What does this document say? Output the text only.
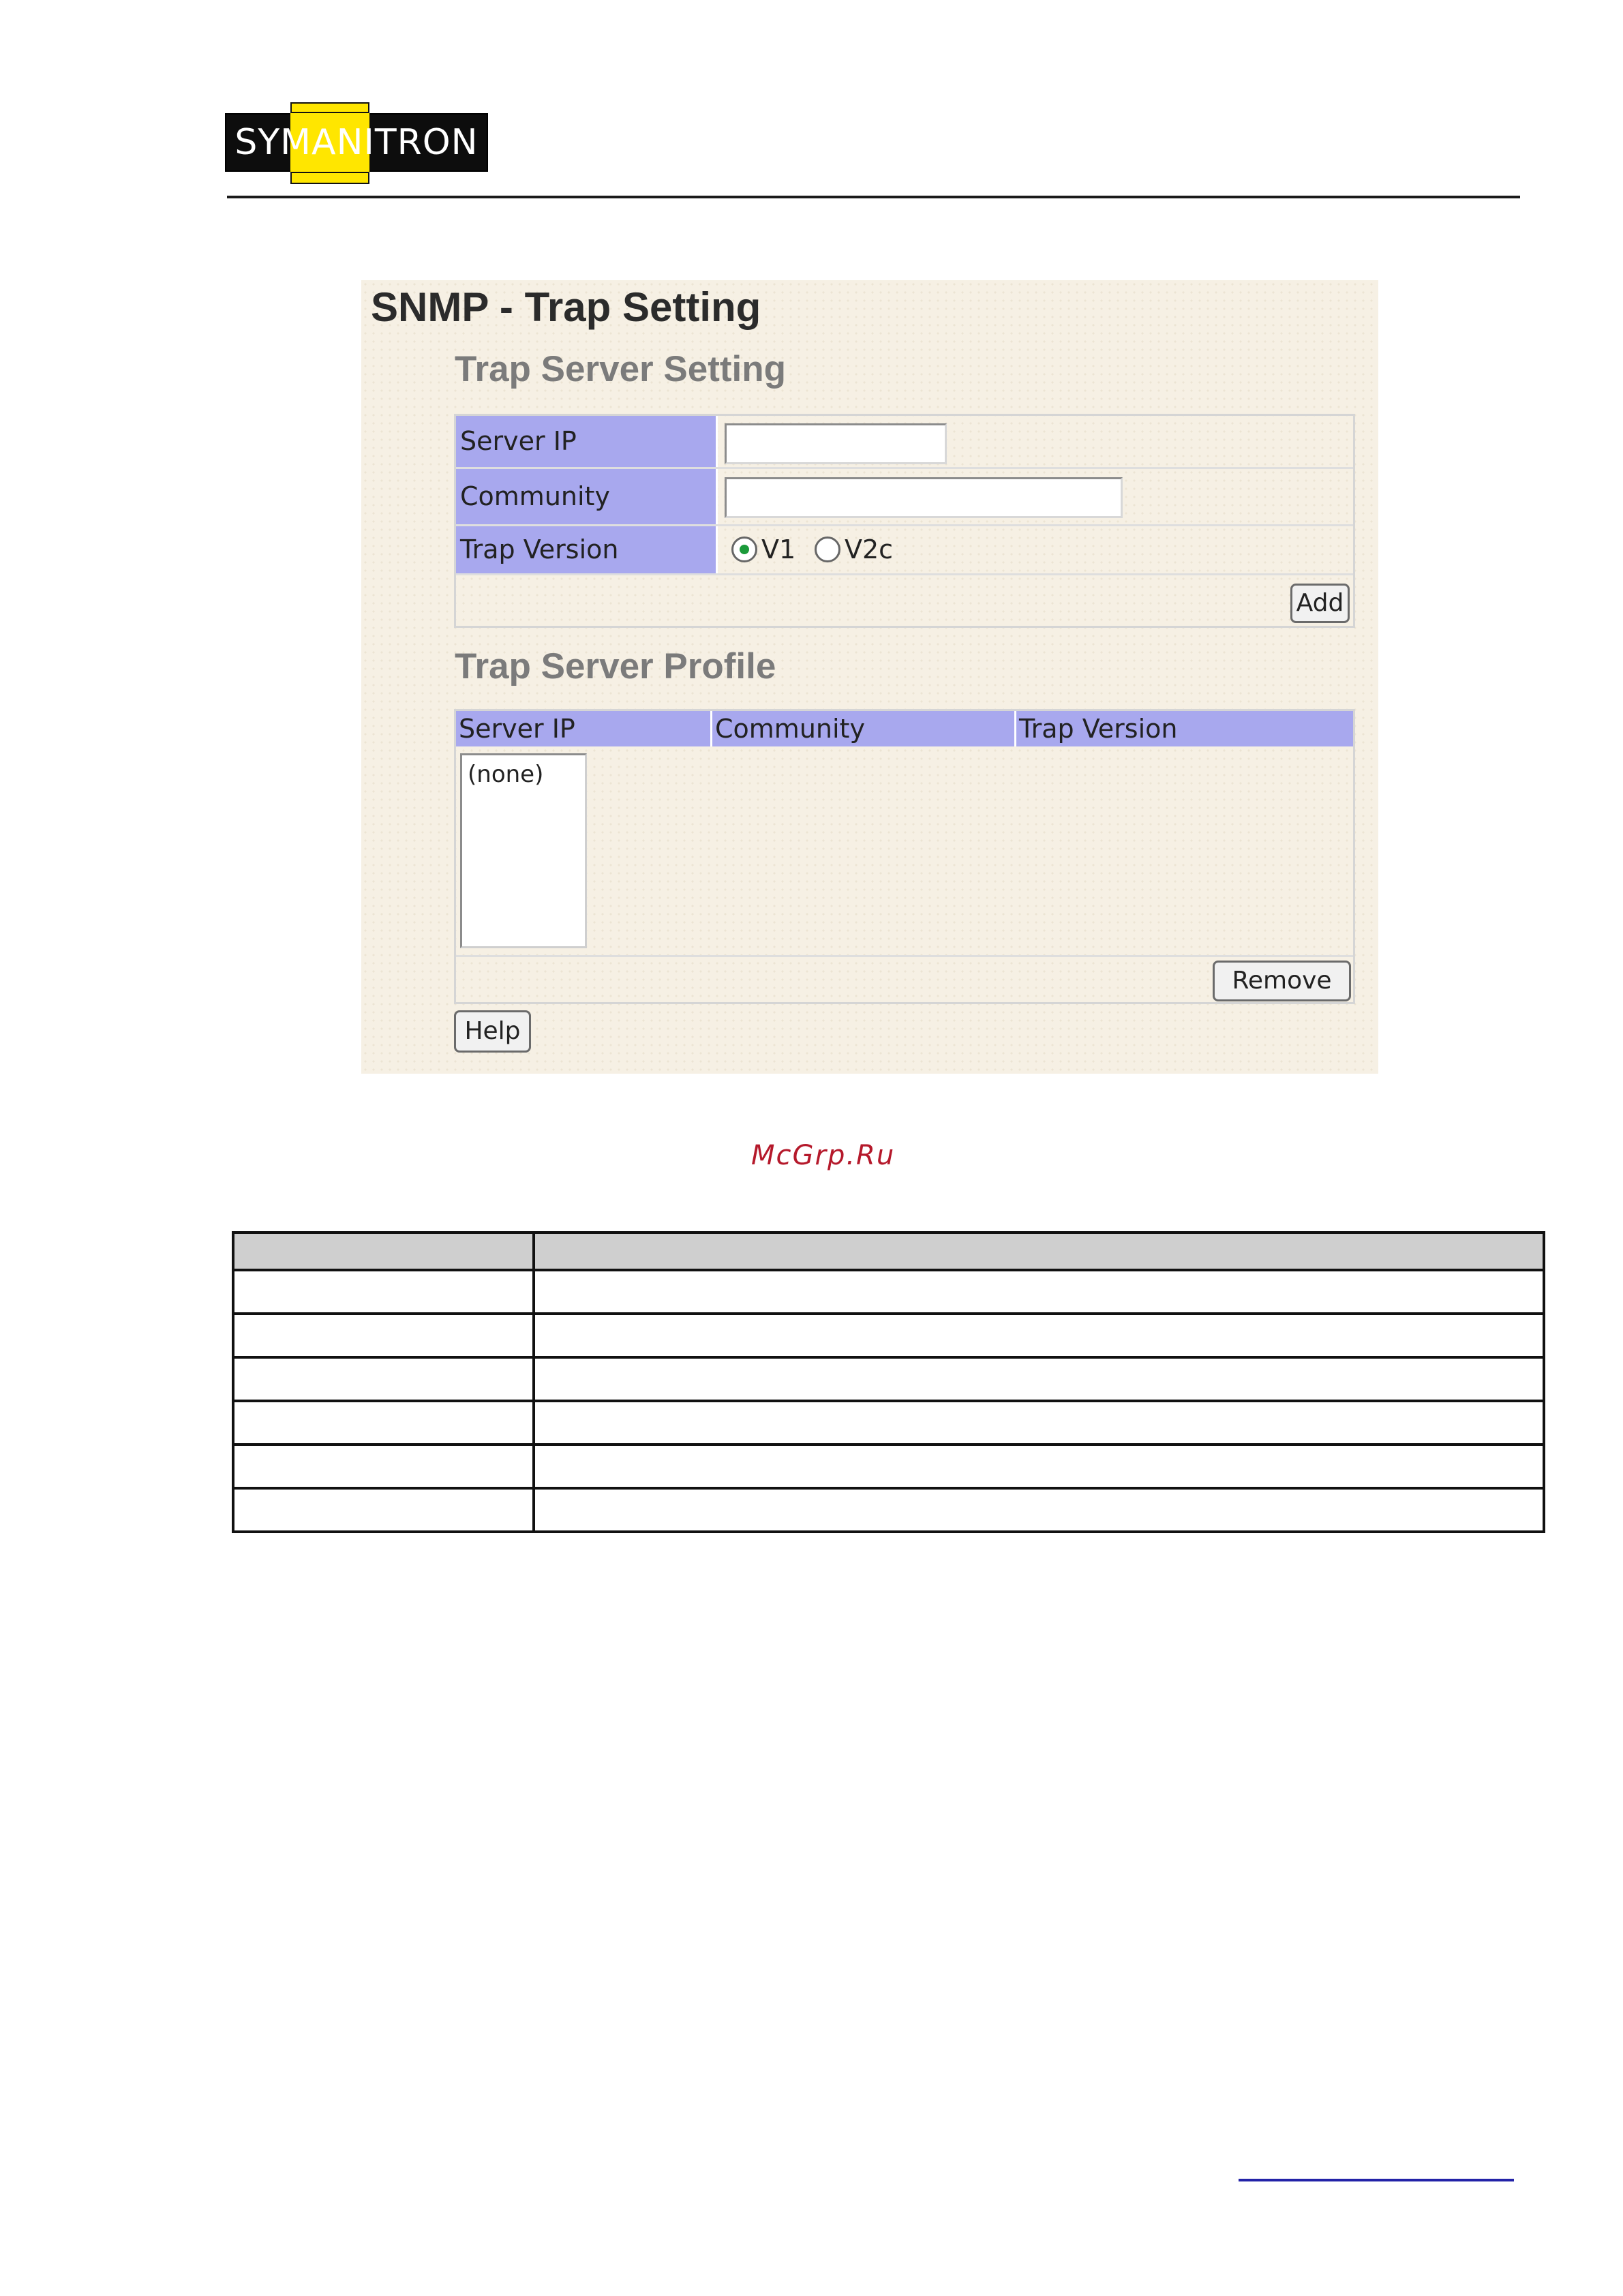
SYMANITRON
SNMP - Trap Setting
Trap Server Setting
Server IP
Community
Trap Version	V1 V2c
Add
Trap Server Profile
Server IP	Community	Trap Version
(none)
Remove
Help
McGrp.Ru
